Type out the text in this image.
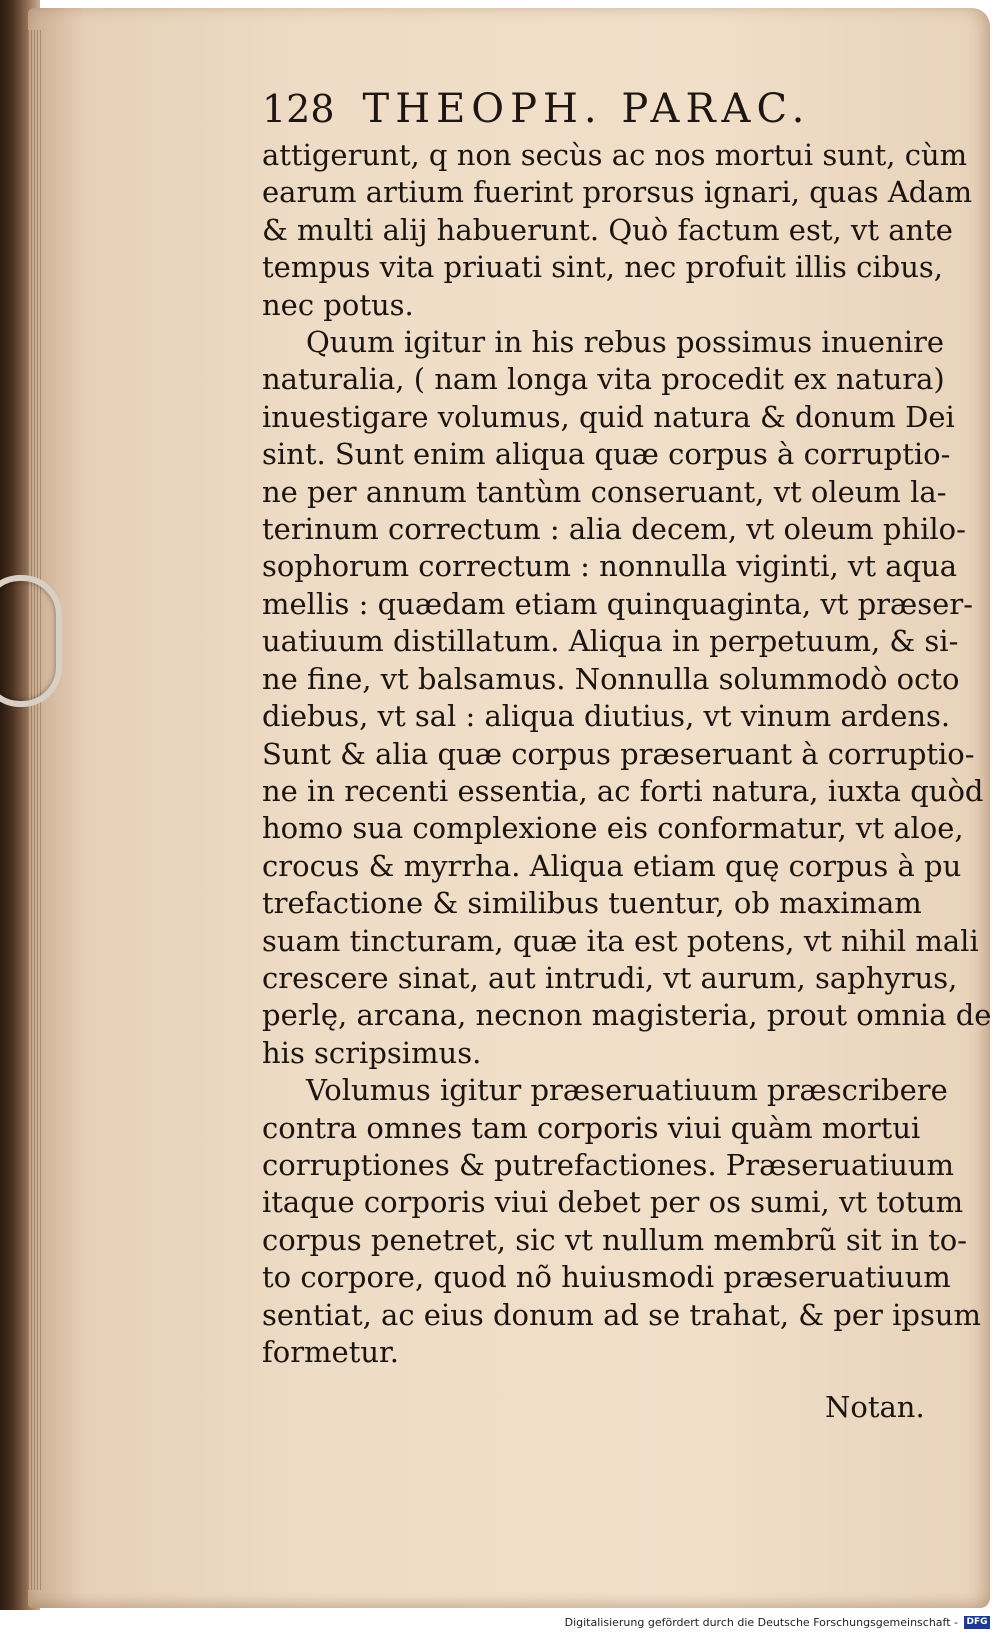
128 THEOPH. PARAC.
attigerunt, q non secùs ac nos mortui sunt, cùm
earum artium fuerint prorsus ignari, quas Adam
& multi alij habuerunt. Quò factum est, vt ante
tempus vita priuati sint, nec profuit illis cibus,
nec potus.
Quum igitur in his rebus possimus inuenire
naturalia, ( nam longa vita procedit ex natura)
inuestigare volumus, quid natura & donum Dei
sint. Sunt enim aliqua quæ corpus à corruptio-
ne per annum tantùm conseruant, vt oleum la-
terinum correctum : alia decem, vt oleum philo-
sophorum correctum : nonnulla viginti, vt aqua
mellis : quædam etiam quinquaginta, vt præser-
uatiuum distillatum. Aliqua in perpetuum, & si-
ne fine, vt balsamus. Nonnulla solummodò octo
diebus, vt sal : aliqua diutius, vt vinum ardens.
Sunt & alia quæ corpus præseruant à corruptio-
ne in recenti essentia, ac forti natura, iuxta quòd
homo sua complexione eis conformatur, vt aloe,
crocus & myrrha. Aliqua etiam quę corpus à pu
trefactione & similibus tuentur, ob maximam
suam tincturam, quæ ita est potens, vt nihil mali
crescere sinat, aut intrudi, vt aurum, saphyrus,
perlę, arcana, necnon magisteria, prout omnia de
his scripsimus.
Volumus igitur præseruatiuum præscribere
contra omnes tam corporis viui quàm mortui
corruptiones & putrefactiones. Præseruatiuum
itaque corporis viui debet per os sumi, vt totum
corpus penetret, sic vt nullum membrũ sit in to-
to corpore, quod nõ huiusmodi præseruatiuum
sentiat, ac eius donum ad se trahat, & per ipsum
formetur.
Notan.
Digitalisierung gefördert durch die Deutsche Forschungsgemeinschaft - DFG
